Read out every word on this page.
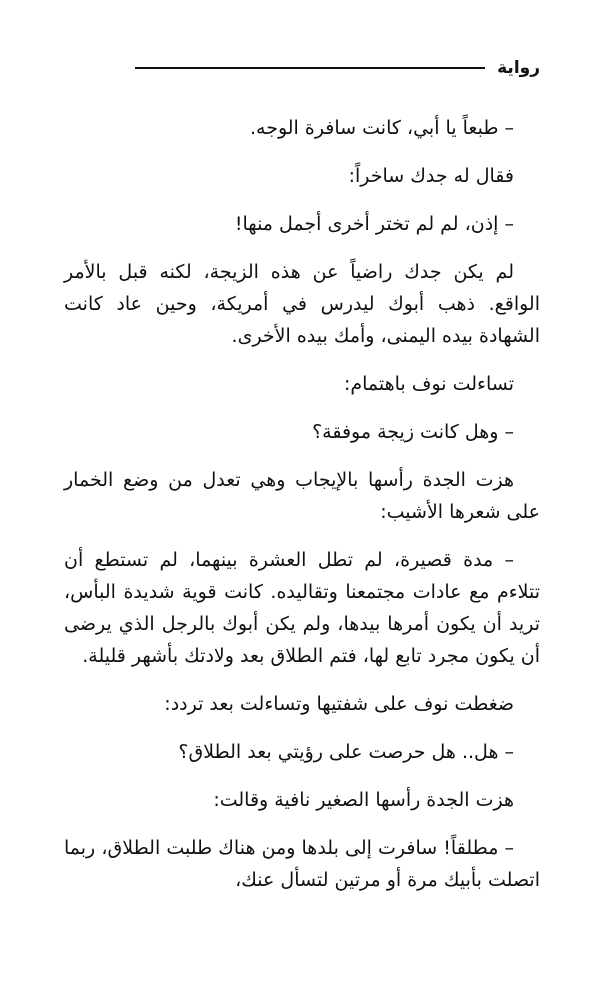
رواية

– طبعاً يا أبي، كانت سافرة الوجه.

فقال له جدك ساخراً:

– إذن، لم لم تختر أخرى أجمل منها!

لم يكن جدك راضياً عن هذه الزيجة، لكنه قبل بالأمر الواقع. ذهب أبوك ليدرس في أمريكة، وحين عاد كانت الشهادة بيده اليمنى، وأمك بيده الأخرى.

تساءلت نوف باهتمام:

– وهل كانت زيجة موفقة؟

هزت الجدة رأسها بالإيجاب وهي تعدل من وضع الخمار على شعرها الأشيب:

– مدة قصيرة، لم تطل العشرة بينهما، لم تستطع أن تتلاءم مع عادات مجتمعنا وتقاليده. كانت قوية شديدة البأس، تريد أن يكون أمرها بيدها، ولم يكن أبوك بالرجل الذي يرضى أن يكون مجرد تابع لها، فتم الطلاق بعد ولادتك بأشهر قليلة.

ضغطت نوف على شفتيها وتساءلت بعد تردد:

– هل.. هل حرصت على رؤيتي بعد الطلاق؟

هزت الجدة رأسها الصغير نافية وقالت:

– مطلقاً! سافرت إلى بلدها ومن هناك طلبت الطلاق، ربما اتصلت بأبيك مرة أو مرتين لتسأل عنك،
